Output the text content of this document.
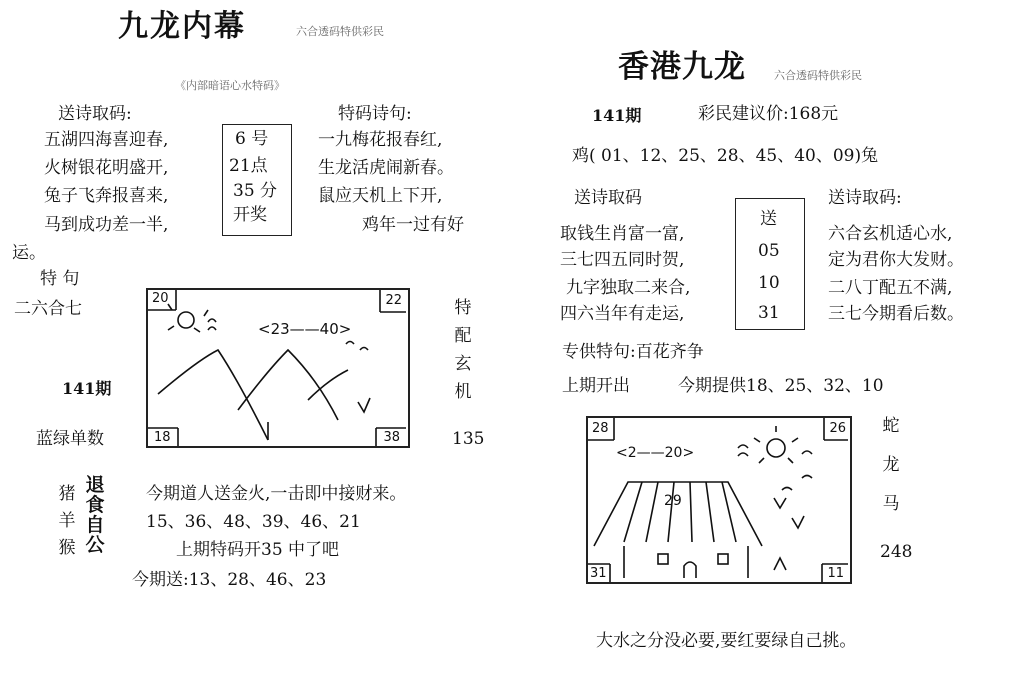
九龙内幕	六合透码特供彩民
《内部暗语心水特码》
送诗取码:	特码诗句:
五湖四海喜迎春,
火树银花明盛开,
兔子飞奔报喜来,
马到成功差一半,
6 号
21点
35 分
开奖
一九梅花报春红,
生龙活虎闹新春。
鼠应天机上下开,
鸡年一过有好
运。
特 句
二六合七
141期
蓝绿单数
20	22
18	38
<23——40>
特
配
玄
机
135
猪
羊
猴
退
食
自
公
今期道人送金火,一击即中接财来。
15、36、48、39、46、21
上期特码开35 中了吧
今期送:13、28、46、23
香港九龙	六合透码特供彩民
141期	彩民建议价:168元
鸡( 01、12、25、28、45、40、09)兔
送诗取码	送诗取码:
取钱生肖富一富,
三七四五同时贺,
九字独取二来合,
四六当年有走运,
送
05
10
31
六合玄机适心水,
定为君你大发财。
二八丁配五不满,
三七今期看后数。
专供特句:百花齐争
上期开出	今期提供18、25、32、10
28	26
31	11
<2——20>
29
蛇
龙
马
248
大水之分没必要,要红要绿自己挑。
